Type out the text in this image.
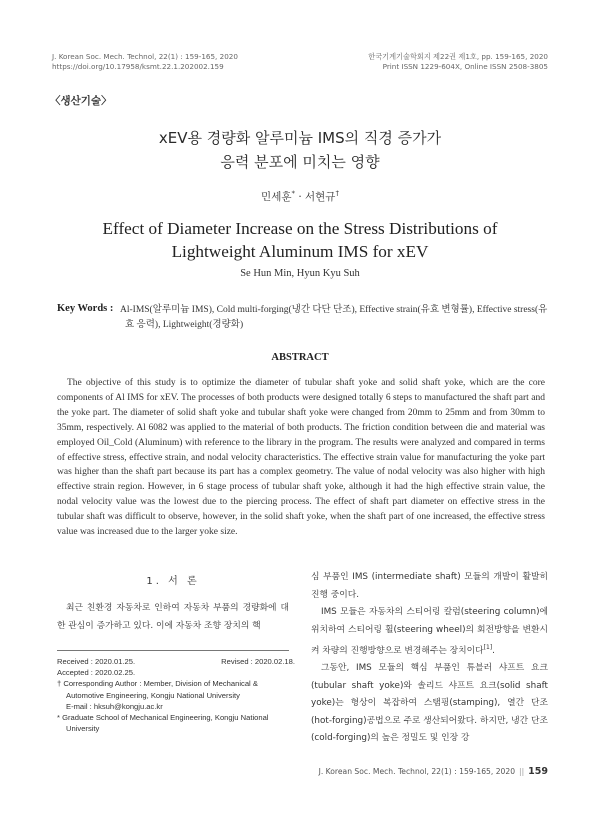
J. Korean Soc. Mech. Technol, 22(1) : 159-165, 2020
https://doi.org/10.17958/ksmt.22.1.202002.159
한국기계기술학회지 제22권 제1호, pp. 159-165, 2020
Print ISSN 1229-604X, Online ISSN 2508-3805
〈생산기술〉
xEV용 경량화 알루미늄 IMS의 직경 증가가
응력 분포에 미치는 영향
민세훈* · 서현규†
Effect of Diameter Increase on the Stress Distributions of
Lightweight Aluminum IMS for xEV
Se Hun Min, Hyun Kyu Suh
Key Words : Al-IMS(알루미늄 IMS), Cold multi-forging(냉간 다단 단조), Effective strain(유효 변형률), Effective stress(유효 응력), Lightweight(경량화)
ABSTRACT
The objective of this study is to optimize the diameter of tubular shaft yoke and solid shaft yoke, which are the core components of Al IMS for xEV. The processes of both products were designed totally 6 steps to manufactured the shaft part and the yoke part. The diameter of solid shaft yoke and tubular shaft yoke were changed from 20mm to 25mm and from 30mm to 35mm, respectively. Al 6082 was applied to the material of both products. The friction condition between die and material was employed Oil_Cold (Aluminum) with reference to the library in the program. The results were analyzed and compared in terms of effective stress, effective strain, and nodal velocity characteristics. The effective strain value for manufacturing the yoke part was higher than the shaft part because its part has a complex geometry. The value of nodal velocity was also higher with high effective strain region. However, in 6 stage process of tubular shaft yoke, although it had the high effective strain value, the nodal velocity value was the lowest due to the piercing process. The effect of shaft part diameter on effective stress in the tubular shaft was difficult to observe, however, in the solid shaft yoke, when the shaft part of one increased, the effective stress value was increased due to the larger yoke size.
1. 서 론
최근 친환경 자동차로 인하여 자동차 부품의 경량화에 대한 관심이 증가하고 있다. 이에 자동차 조향 장치의 핵
Received : 2020.01.25.	Revised : 2020.02.18.
Accepted : 2020.02.25.
† Corresponding Author : Member, Division of Mechanical & Automotive Engineering, Kongju National University
E-mail : hksuh@kongju.ac.kr
* Graduate School of Mechanical Engineering, Kongju National University

심 부품인 IMS (intermediate shaft) 모듈의 개발이 활발히 진행 중이다.

IMS 모듈은 자동차의 스티어링 칼럼(steering column)에 위치하여 스티어링 휠(steering wheel)의 회전방향을 변환시켜 차량의 진행방향으로 변경해주는 장치이다[1].

그동안, IMS 모듈의 핵심 부품인 튜블러 샤프트 요크(tubular shaft yoke)와 솔리드 샤프트 요크(solid shaft yoke)는 형상이 복잡하여 스탬핑(stamping), 열간 단조(hot-forging)공법으로 주로 생산되어왔다. 하지만, 냉간 단조(cold-forging)의 높은 정밀도 및 인장 강

J. Korean Soc. Mech. Technol, 22(1) : 159-165, 2020 || 159
